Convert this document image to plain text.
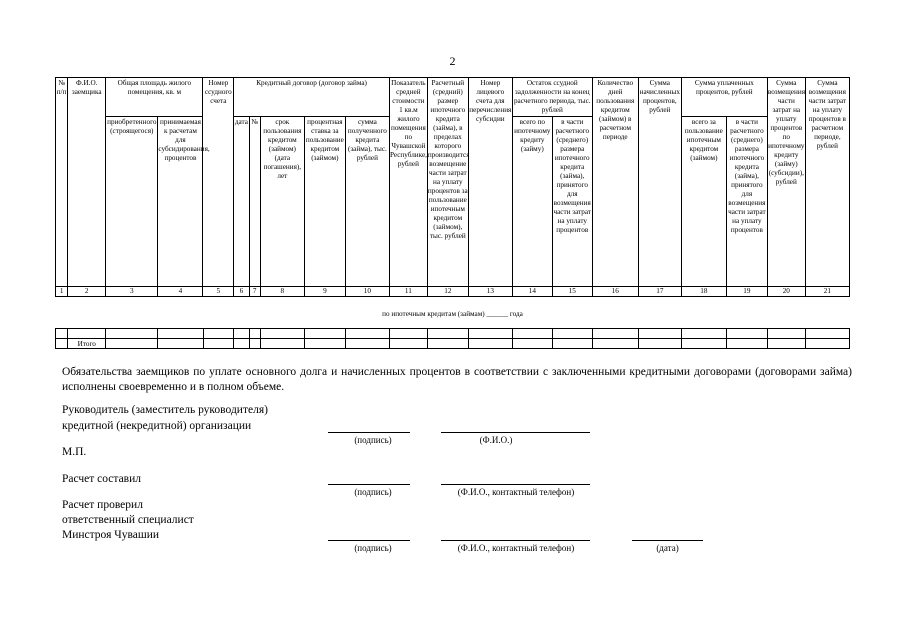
2
№ п/п	Ф.И.О. заемщика	Общая площадь жилого помещения, кв. м		Номер ссудного счета	Кредитный договор (договор займа)					Показатель средней стоимости 1 кв.м жилого помещения по Чувашской Республике, рублей	Расчетный (средний) размер ипотечного кредита (займа), в пределах которого производится возмещение части затрат на уплату процентов за пользование ипотечным кредитом (займом), тыс. рублей	Номер лицевого счета для перечисления субсидии	Остаток ссудной задолженности на конец расчетного периода, тыс. рублей		Количество дней пользования кредитом (займом) в расчетном периоде	Сумма начисленных процентов, рублей	Сумма уплаченных процентов, рублей		Сумма возмещения части затрат на уплату процентов по ипотечному кредиту (займу) (субсидии), рублей	Сумма возмещения части затрат на уплату процентов в расчетном периоде, рублей
		приобретенного (строящегося)	принимаемая к расчетам для субсидирования, процентов		дата	№	срок пользования кредитом (займом) (дата погашения), лет	процентная ставка за пользование кредитом (займом)	сумма полученного кредита (займа), тыс. рублей				всего по ипотечному кредиту (займу)	в части расчетного (среднего) размера ипотечного кредита (займа), принятого для возмещения части затрат на уплату процентов			всего за пользование ипотечным кредитом (займом)	в части расчетного (среднего) размера ипотечного кредита (займа), принятого для возмещения части затрат на уплату процентов		
1	2	3	4	5	6	7	8	9	10	11	12	13	14	15	16	17	18	19	20	21
по ипотечным кредитам (займам) ______ года

	Итого																			
Обязательства заемщиков по уплате основного долга и начисленных процентов в соответствии с заключенными кредитными договорами (договорами займа) исполнены своевременно и в полном объеме.
Руководитель (заместитель руководителя)
кредитной (некредитной) организации
(подпись)	(Ф.И.О.)
М.П.
Расчет составил
(подпись)	(Ф.И.О., контактный телефон)
Расчет проверил
ответственный специалист
Минстроя Чувашии
(подпись)	(Ф.И.О., контактный телефон)	(дата)
